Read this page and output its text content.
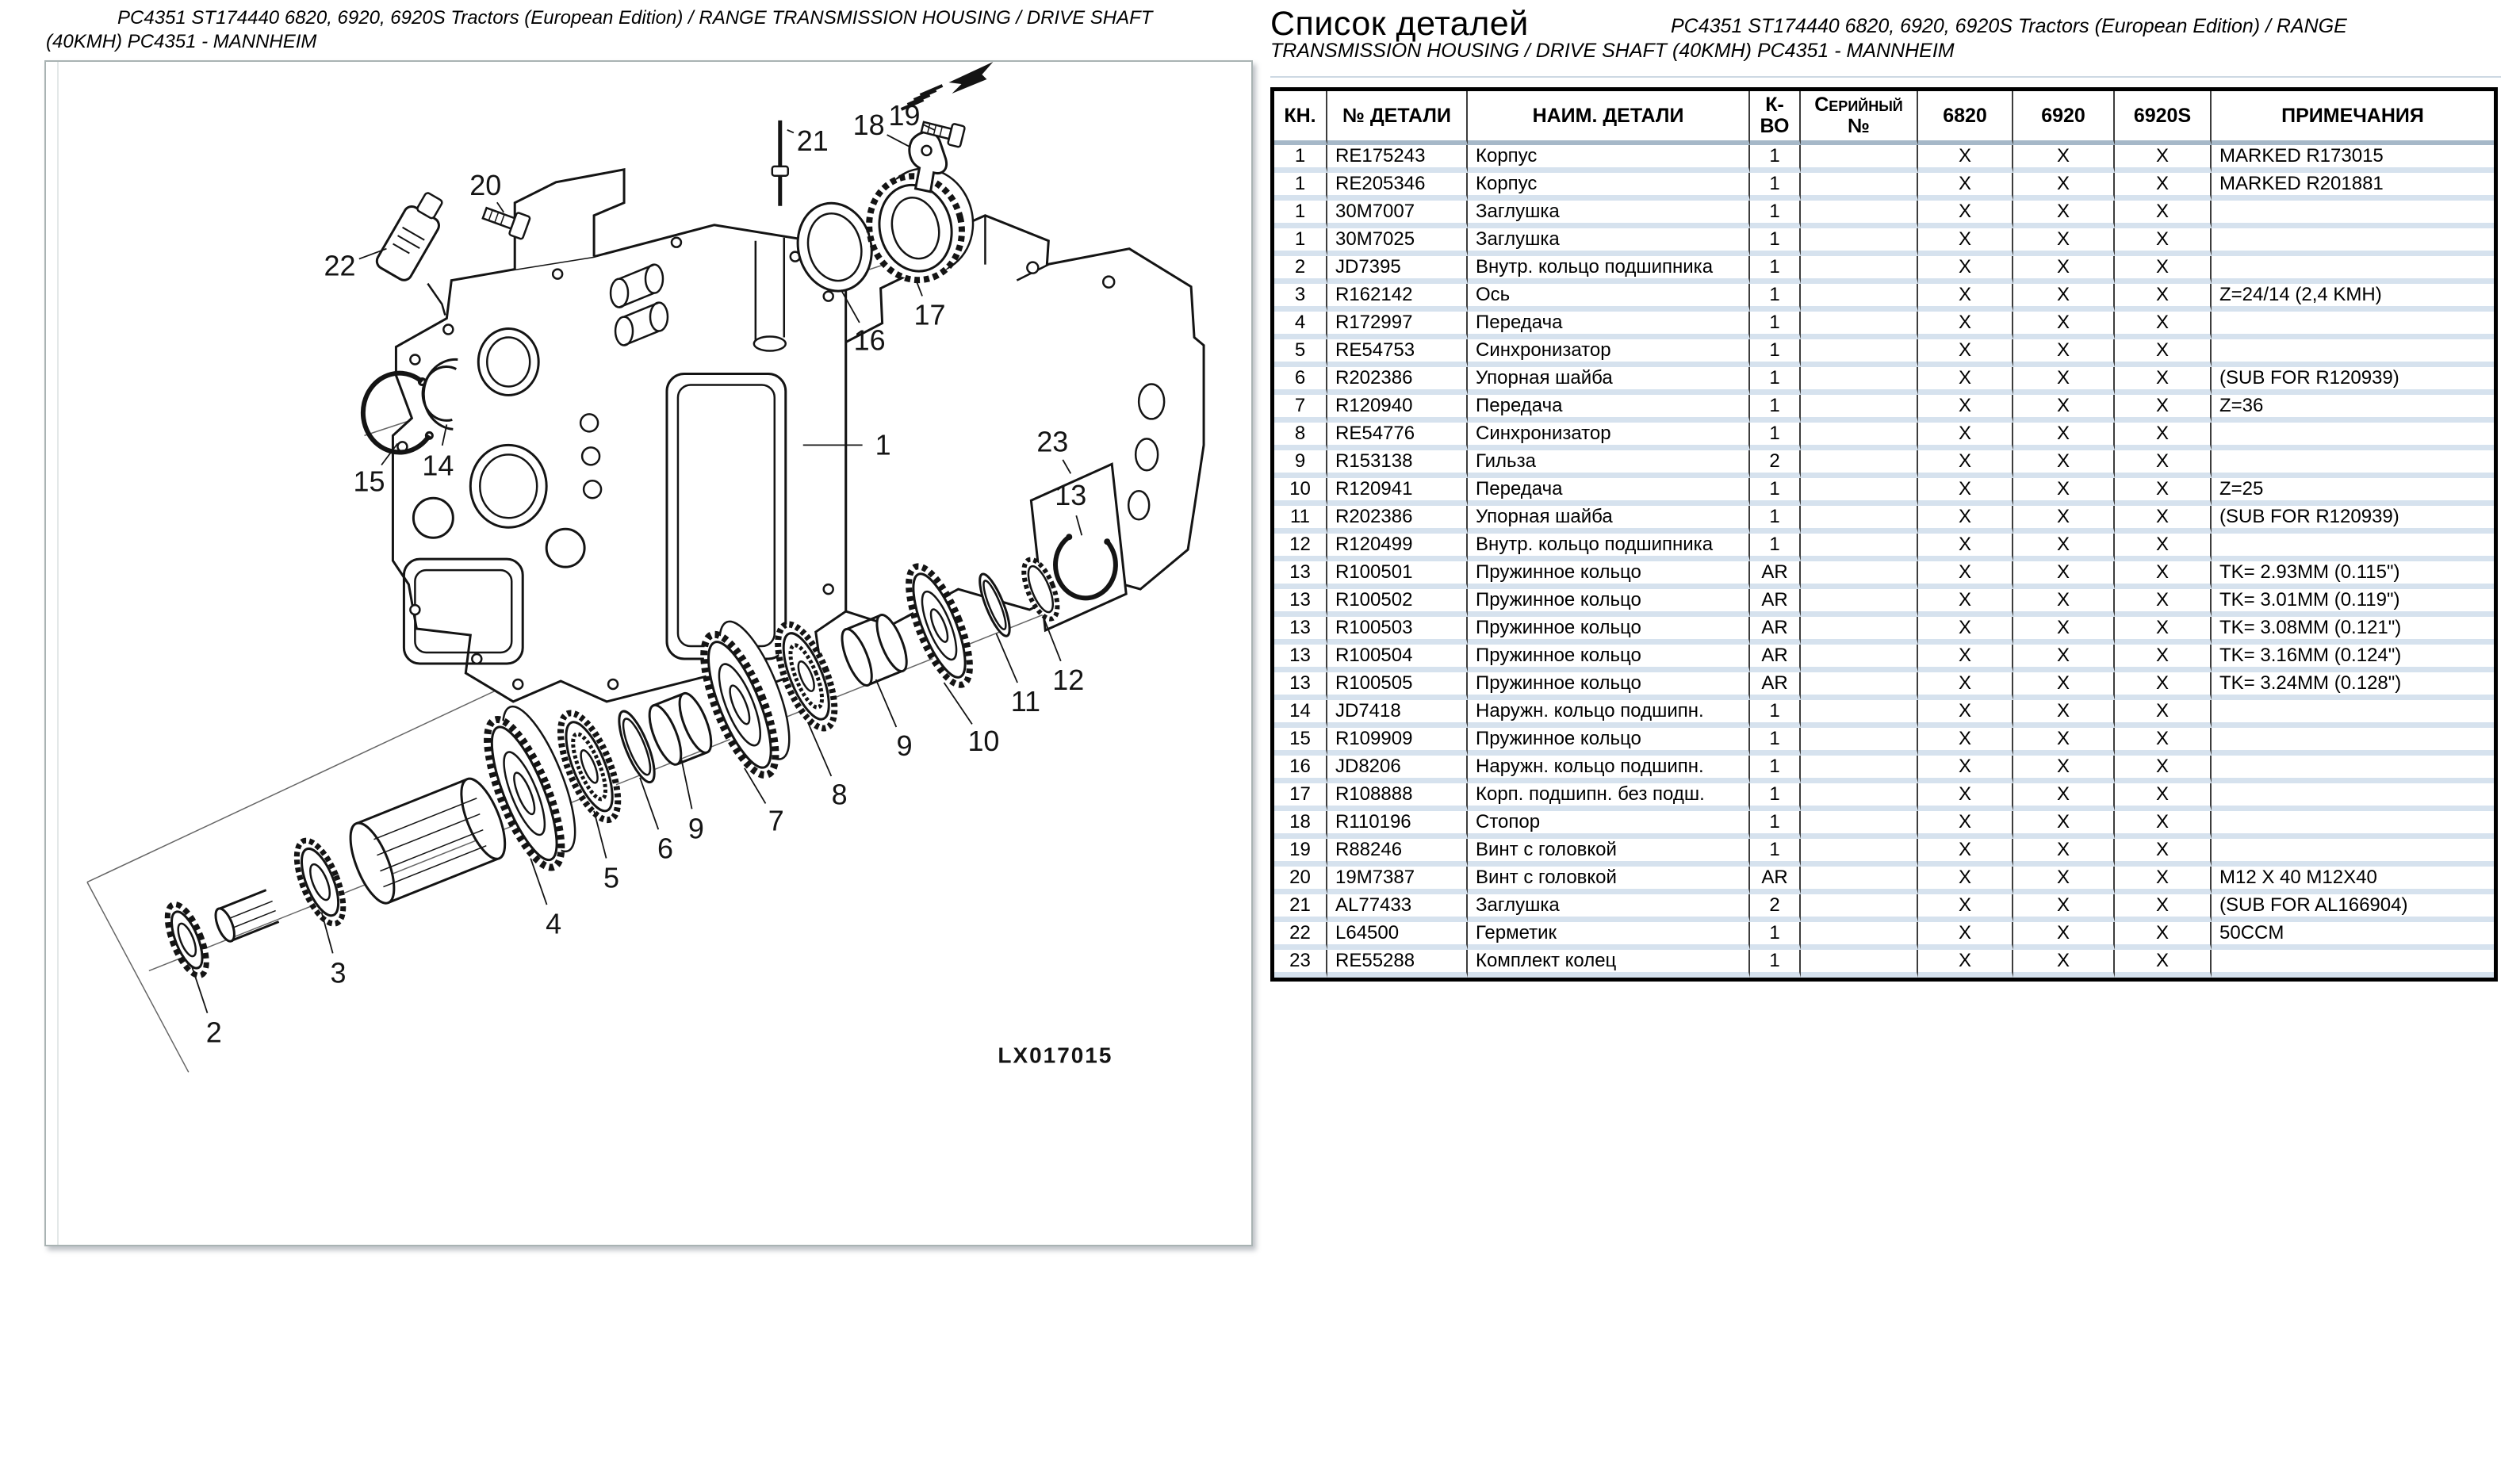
PC4351 ST174440 6820, 6920, 6920S Tractors (European Edition) / RANGE TRANSMISSION HOUSING / DRIVE SHAFT
(40KMH) PC4351 - MANNHEIM
LX017015
1
2
3
4
5
6
9 7
8
9 10
11
12
13
23
14
15
16
17
18 19
20
21
22
Список деталей	PC4351 ST174440 6820, 6920, 6920S Tractors (European Edition) / RANGE
TRANSMISSION HOUSING / DRIVE SHAFT (40KMH) PC4351 - MANNHEIM
КН.	№ ДЕТАЛИ	НАИМ. ДЕТАЛИ	К-ВО	Серийный №	6820	6920	6920S	ПРИМЕЧАНИЯ
1	RE175243	Корпус	1		X	X	X	MARKED R173015
1	RE205346	Корпус	1		X	X	X	MARKED R201881
1	30M7007	Заглушка	1		X	X	X	
1	30M7025	Заглушка	1		X	X	X	
2	JD7395	Внутр. кольцо подшипника	1		X	X	X	
3	R162142	Ось	1		X	X	X	Z=24/14 (2,4 KMH)
4	R172997	Передача	1		X	X	X	
5	RE54753	Синхронизатор	1		X	X	X	
6	R202386	Упорная шайба	1		X	X	X	(SUB FOR R120939)
7	R120940	Передача	1		X	X	X	Z=36
8	RE54776	Синхронизатор	1		X	X	X	
9	R153138	Гильза	2		X	X	X	
10	R120941	Передача	1		X	X	X	Z=25
11	R202386	Упорная шайба	1		X	X	X	(SUB FOR R120939)
12	R120499	Внутр. кольцо подшипника	1		X	X	X	
13	R100501	Пружинное кольцо	AR		X	X	X	TK= 2.93MM (0.115")
13	R100502	Пружинное кольцо	AR		X	X	X	TK= 3.01MM (0.119")
13	R100503	Пружинное кольцо	AR		X	X	X	TK= 3.08MM (0.121")
13	R100504	Пружинное кольцо	AR		X	X	X	TK= 3.16MM (0.124")
13	R100505	Пружинное кольцо	AR		X	X	X	TK= 3.24MM (0.128")
14	JD7418	Наружн. кольцо подшипн.	1		X	X	X	
15	R109909	Пружинное кольцо	1		X	X	X	
16	JD8206	Наружн. кольцо подшипн.	1		X	X	X	
17	R108888	Корп. подшипн. без подш.	1		X	X	X	
18	R110196	Стопор	1		X	X	X	
19	R88246	Винт с головкой	1		X	X	X	
20	19M7387	Винт с головкой	AR		X	X	X	M12 X 40 M12X40
21	AL77433	Заглушка	2		X	X	X	(SUB FOR AL166904)
22	L64500	Герметик	1		X	X	X	50CCM
23	RE55288	Комплект колец	1		X	X	X	
